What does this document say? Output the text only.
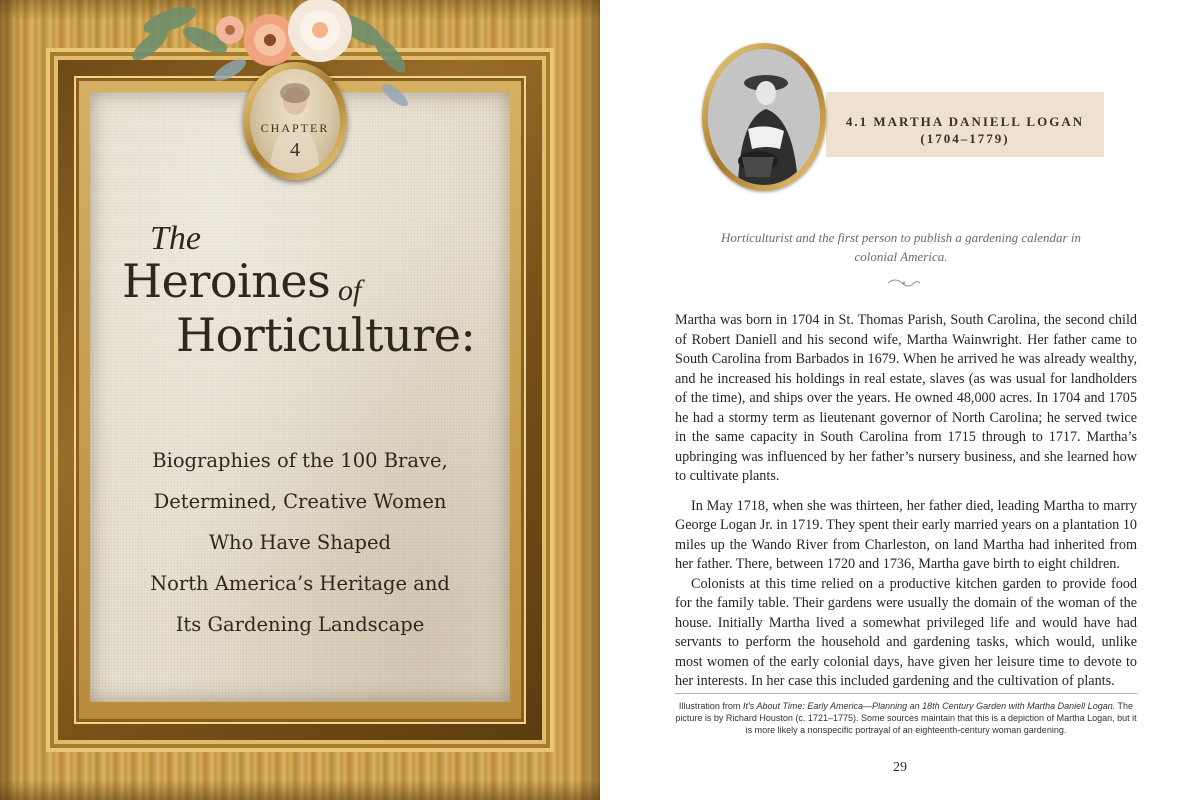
CHAPTER
4
The
Heroines of
Horticulture:
Biographies of the 100 Brave,
Determined, Creative Women
Who Have Shaped
North America’s Heritage and
Its Gardening Landscape
4.1 MARTHA DANIELL LOGAN
(1704–1779)
Horticulturist and the first person to publish a gardening calendar in colonial America.

Martha was born in 1704 in St. Thomas Parish, South Carolina, the second child of Robert Daniell and his second wife, Martha Wainwright. Her father came to South Carolina from Barbados in 1679. When he arrived he was already wealthy, and he increased his holdings in real estate, slaves (as was usual for landholders of the time), and ships over the years. He owned 48,000 acres. In 1704 and 1705 he had a stormy term as lieutenant governor of North Carolina; he served twice in the same capacity in South Carolina from 1715 through to 1717. Martha’s upbringing was influenced by her father’s nursery business, and she learned how to cultivate plants.

In May 1718, when she was thirteen, her father died, leading Martha to marry George Logan Jr. in 1719. They spent their early married years on a plantation 10 miles up the Wando River from Charleston, on land Martha had inherited from her father. There, between 1720 and 1736, Martha gave birth to eight children.

Colonists at this time relied on a productive kitchen garden to provide food for the family table. Their gardens were usually the domain of the woman of the house. Initially Martha lived a somewhat privileged life and would have had servants to perform the household and gardening tasks, which would, unlike most women of the early colonial days, have given her leisure time to devote to her interests. In her case this included gardening and the cultivation of plants.

Illustration from It’s About Time: Early America—Planning an 18th Century Garden with Martha Daniell Logan. The picture is by Richard Houston (c. 1721–1775). Some sources maintain that this is a depiction of Martha Logan, but it is more likely a nonspecific portrayal of an eighteenth-century woman gardening.
29
